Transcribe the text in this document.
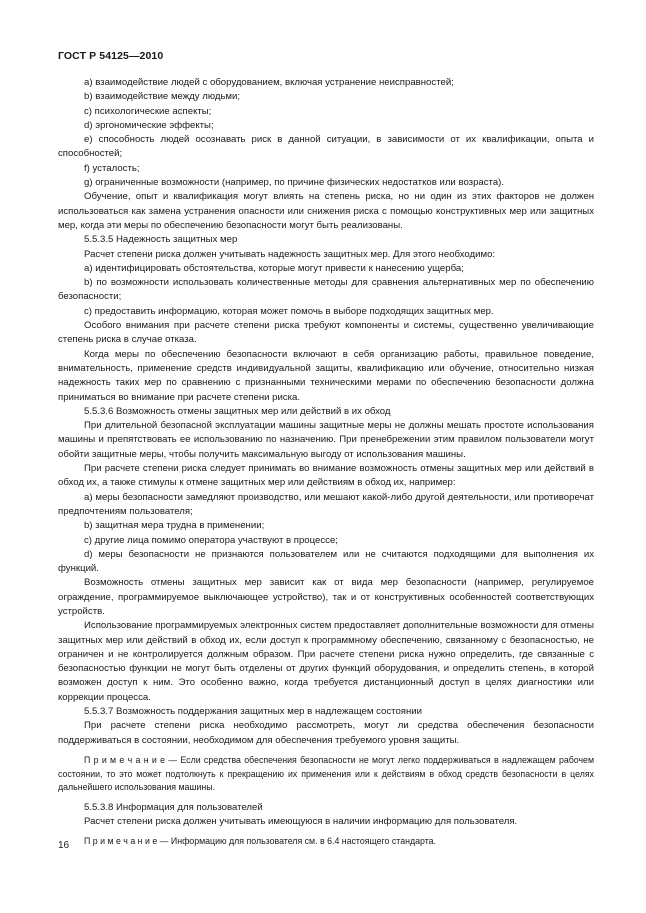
ГОСТ Р 54125—2010

а) взаимодействие людей с оборудованием, включая устранение неисправностей;

b) взаимодействие между людьми;

c) психологические аспекты;

d) эргономические эффекты;

е) способность людей осознавать риск в данной ситуации, в зависимости от их квалификации, опыта и способностей;

f) усталость;

g) ограниченные возможности (например, по причине физических недостатков или возраста).

Обучение, опыт и квалификация могут влиять на степень риска, но ни один из этих факторов не должен использоваться как замена устранения опасности или снижения риска с помощью конструктивных мер или защитных мер, когда эти меры по обеспечению безопасности могут быть реализованы.

5.5.3.5 Надежность защитных мер

Расчет степени риска должен учитывать надежность защитных мер. Для этого необходимо:

а) идентифицировать обстоятельства, которые могут привести к нанесению ущерба;

b) по возможности использовать количественные методы для сравнения альтернативных мер по обеспечению безопасности;

c) предоставить информацию, которая может помочь в выборе подходящих защитных мер.

Особого внимания при расчете степени риска требуют компоненты и системы, существенно увеличивающие степень риска в случае отказа.

Когда меры по обеспечению безопасности включают в себя организацию работы, правильное поведение, внимательность, применение средств индивидуальной защиты, квалификацию или обучение, относительно низкая надежность таких мер по сравнению с признанными техническими мерами по обеспечению безопасности должна приниматься во внимание при расчете степени риска.

5.5.3.6 Возможность отмены защитных мер или действий в их обход

При длительной безопасной эксплуатации машины защитные меры не должны мешать простоте использования машины и препятствовать ее использованию по назначению. При пренебрежении этим правилом пользователи могут обойти защитные меры, чтобы получить максимальную выгоду от использования машины.

При расчете степени риска следует принимать во внимание возможность отмены защитных мер или действий в обход их, а также стимулы к отмене защитных мер или действиям в обход их, например:

а) меры безопасности замедляют производство, или мешают какой-либо другой деятельности, или противоречат предпочтениям пользователя;

b) защитная мера трудна в применении;

c) другие лица помимо оператора участвуют в процессе;

d) меры безопасности не признаются пользователем или не считаются подходящими для выполнения их функций.

Возможность отмены защитных мер зависит как от вида мер безопасности (например, регулируемое ограждение, программируемое выключающее устройство), так и от конструктивных особенностей соответствующих устройств.

Использование программируемых электронных систем предоставляет дополнительные возможности для отмены защитных мер или действий в обход их, если доступ к программному обеспечению, связанному с безопасностью, не ограничен и не контролируется должным образом. При расчете степени риска нужно определить, где связанные с безопасностью функции не могут быть отделены от других функций оборудования, и определить степень, в которой возможен доступ к ним. Это особенно важно, когда требуется дистанционный доступ в целях диагностики или коррекции процесса.

5.5.3.7 Возможность поддержания защитных мер в надлежащем состоянии

При расчете степени риска необходимо рассмотреть, могут ли средства обеспечения безопасности поддерживаться в состоянии, необходимом для обеспечения требуемого уровня защиты.

П р и м е ч а н и е — Если средства обеспечения безопасности не могут легко поддерживаться в надлежащем рабочем состоянии, то это может подтолкнуть к прекращению их применения или к действиям в обход средств безопасности в целях дальнейшего использования машины.

5.5.3.8 Информация для пользователей

Расчет степени риска должен учитывать имеющуюся в наличии информацию для пользователя.

П р и м е ч а н и е — Информацию для пользователя см. в 6.4 настоящего стандарта.

16
